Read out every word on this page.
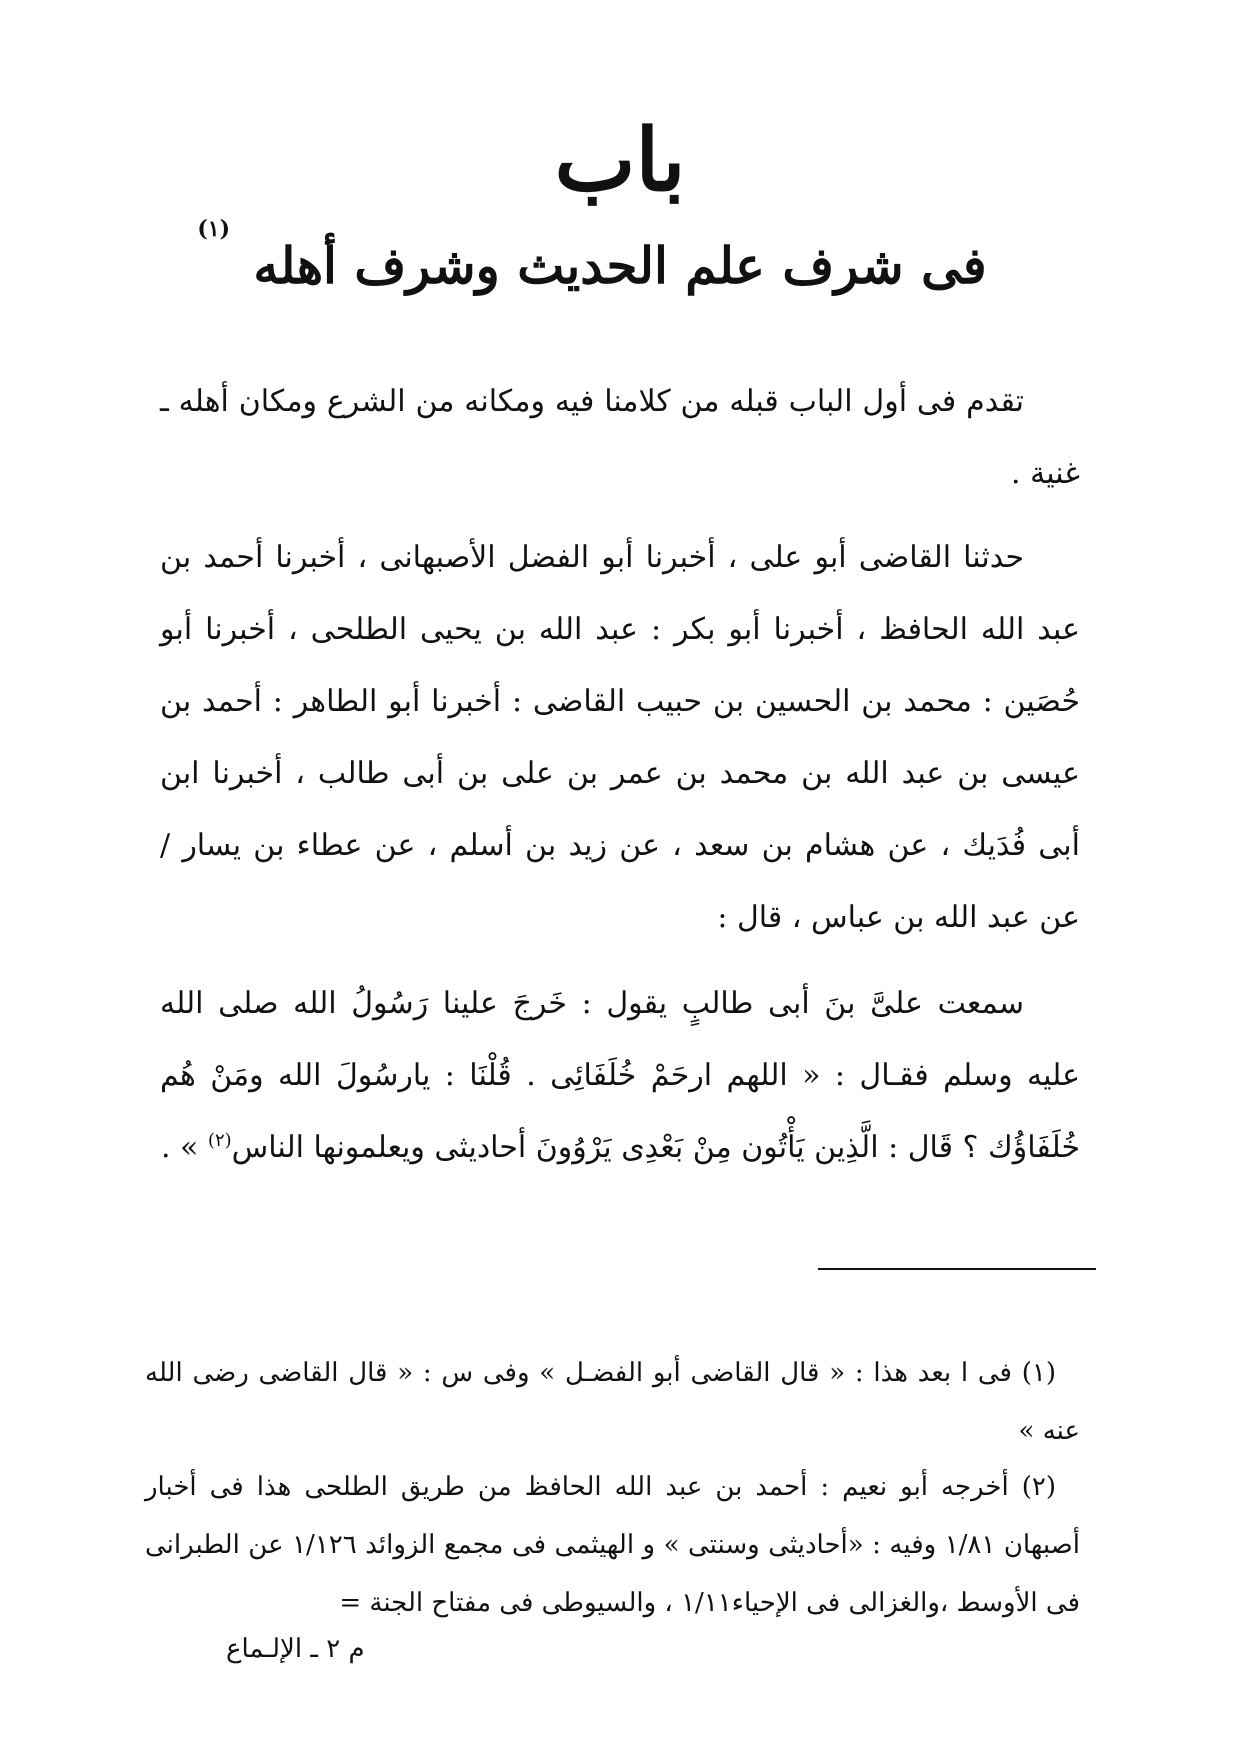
باب
فى شرف علم الحديث وشرف أهله
(١)

تقدم فى أول الباب قبله من كلامنا فيه ومكانه من الشرع ومكان أهله ـ غنية .

حدثنا القاضى أبو على ، أخبرنا أبو الفضل الأصبهانى ، أخبرنا أحمد بن عبد الله الحافظ ، أخبرنا أبو بكر : عبد الله بن يحيى الطلحى ، أخبرنا أبو حُصَين : محمد بن الحسين بن حبيب القاضى : أخبرنا أبو الطاهر : أحمد بن عيسى بن عبد الله بن محمد بن عمر بن على بن أبى طالب ، أخبرنا ابن أبى فُدَيك ، عن هشام بن سعد ، عن زيد بن أسلم ، عن عطاء بن يسار / عن عبد الله بن عباس ، قال :

سمعت علىَّ بنَ أبى طالبٍ يقول : خَرجَ علينا رَسُولُ الله صلى الله عليه وسلم فقـال : « اللهم ارحَمْ خُلَفَائِى . قُلْنَا : يارسُولَ الله ومَنْ هُم خُلَفَاؤُك ؟ قَال : الَّذِين يَأْتُون مِنْ بَعْدِى يَرْوُونَ أحاديثى ويعلمونها الناس$^{(٢)}$ » .

(١) فى ا بعد هذا : « قال القاضى أبو الفضـل » وفى س : « قال القاضى رضى الله عنه »

(٢) أخرجه أبو نعيم : أحمد بن عبد الله الحافظ من طريق الطلحى هذا فى أخبار أصبهان ١/٨١ وفيه : «أحاديثى وسنتى » و الهيثمى فى مجمع الزوائد ١/١٢٦ عن الطبرانى فى الأوسط ،والغزالى فى الإحياء١/١١ ، والسيوطى فى مفتاح الجنة =

م ٢ ـ الإلـماع
